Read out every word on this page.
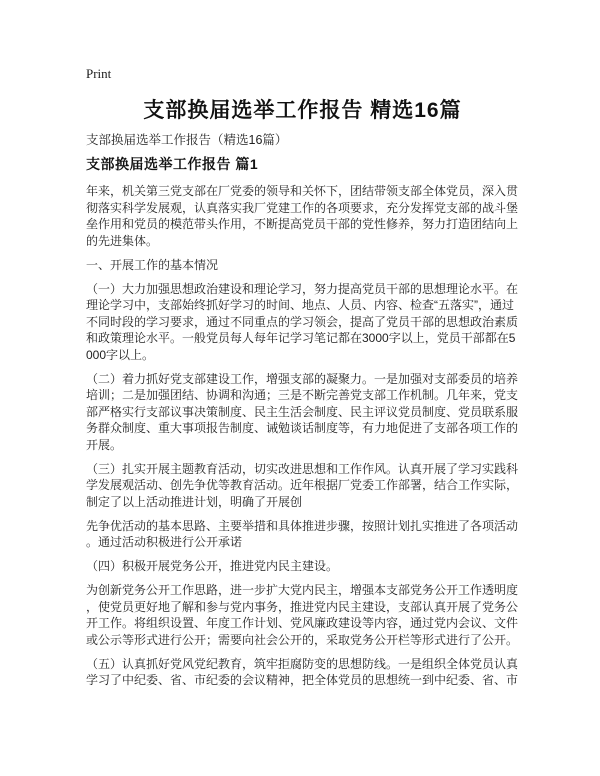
Print
支部换届选举工作报告 精选16篇
支部换届选举工作报告（精选16篇）
支部换届选举工作报告 篇1

年来，机关第三党支部在厂党委的领导和关怀下，团结带领支部全体党员，深入贯彻落实科学发展观，认真落实我厂党建工作的各项要求，充分发挥党支部的战斗堡垒作用和党员的模范带头作用，不断提高党员干部的党性修养，努力打造团结向上的先进集体。

一、开展工作的基本情况

（一）大力加强思想政治建设和理论学习，努力提高党员干部的思想理论水平。在理论学习中，支部始终抓好学习的时间、地点、人员、内容、检查“五落实”，通过不同时段的学习要求，通过不同重点的学习领会，提高了党员干部的思想政治素质和政策理论水平。一般党员每人每年记学习笔记都在3000字以上，党员干部都在5000字以上。

（二）着力抓好党支部建设工作，增强支部的凝聚力。一是加强对支部委员的培养培训；二是加强团结、协调和沟通；三是不断完善党支部工作机制。几年来，党支部严格实行支部议事决策制度、民主生活会制度、民主评议党员制度、党员联系服务群众制度、重大事项报告制度、诫勉谈话制度等，有力地促进了支部各项工作的开展。

（三）扎实开展主题教育活动，切实改进思想和工作作风。认真开展了学习实践科学发展观活动、创先争优等教育活动。近年根据厂党委工作部署，结合工作实际，制定了以上活动推进计划，明确了开展创

先争优活动的基本思路、主要举措和具体推进步骤，按照计划扎实推进了各项活动。通过活动积极进行公开承诺

（四）积极开展党务公开，推进党内民主建设。

为创新党务公开工作思路，进一步扩大党内民主，增强本支部党务公开工作透明度，使党员更好地了解和参与党内事务，推进党内民主建设，支部认真开展了党务公开工作。将组织设置、年度工作计划、党风廉政建设等内容，通过党内会议、文件或公示等形式进行公开；需要向社会公开的，采取党务公开栏等形式进行了公开。

（五）认真抓好党风党纪教育，筑牢拒腐防变的思想防线。一是组织全体党员认真学习了中纪委、省、市纪委的会议精神，把全体党员的思想统一到中纪委、省、市
